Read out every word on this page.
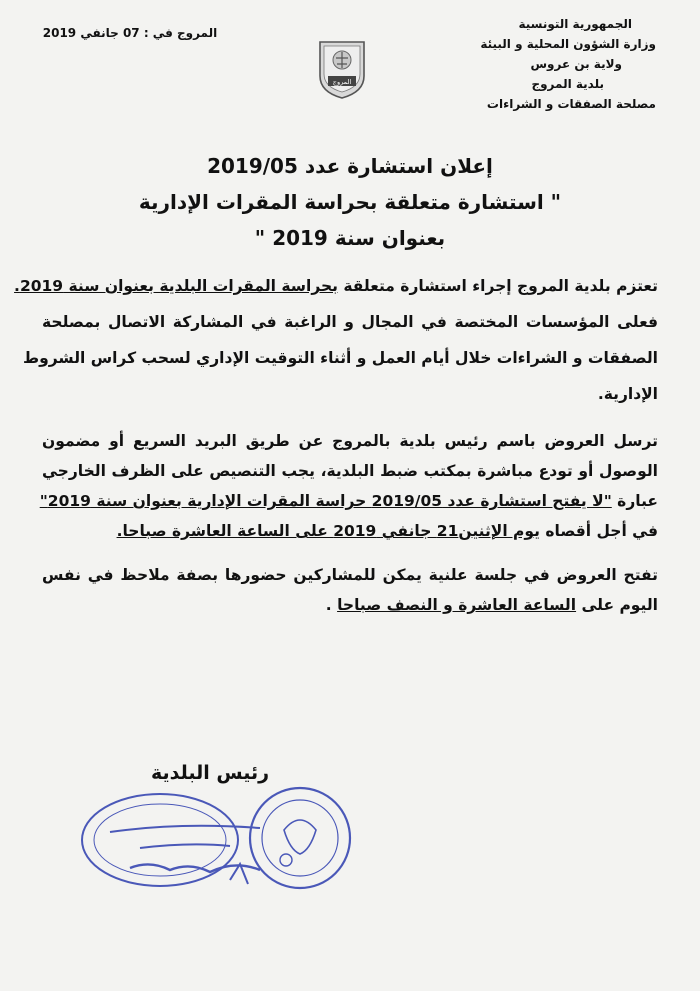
الجمهورية التونسية
وزارة الشؤون المحلية و البيئة
ولاية بن عروس
بلدية المروج
مصلحة الصفقات و الشراءات
المروج في : 07 جانفي 2019
المروج
إعلان استشارة عدد 2019/05
" استشارة متعلقة بحراسة المقرات الإدارية
بعنوان سنة 2019 "
تعتزم بلدية المروج إجراء استشارة متعلقة بحراسة المقرات البلدية بعنوان سنة 2019.
فعلى المؤسسات المختصة في المجال و الراغبة في المشاركة الاتصال بمصلحة
الصفقات و الشراءات خلال أيام العمل و أثناء التوقيت الإداري لسحب كراس الشروط
الإدارية.
ترسل العروض باسم رئيس بلدية بالمروج عن طريق البريد السريع أو مضمون
الوصول أو تودع مباشرة بمكتب ضبط البلدية، يجب التنصيص على الظرف الخارجي
عبارة "لا يفتح استشارة عدد 2019/05 حراسة المقرات الإدارية بعنوان سنة 2019"
في أجل أقصاه يوم الإثنين21 جانفي 2019 على الساعة العاشرة صباحا.
تفتح العروض في جلسة علنية يمكن للمشاركين حضورها بصفة ملاحظ في نفس
اليوم على الساعة العاشرة و النصف صباحا .
رئيس البلدية
